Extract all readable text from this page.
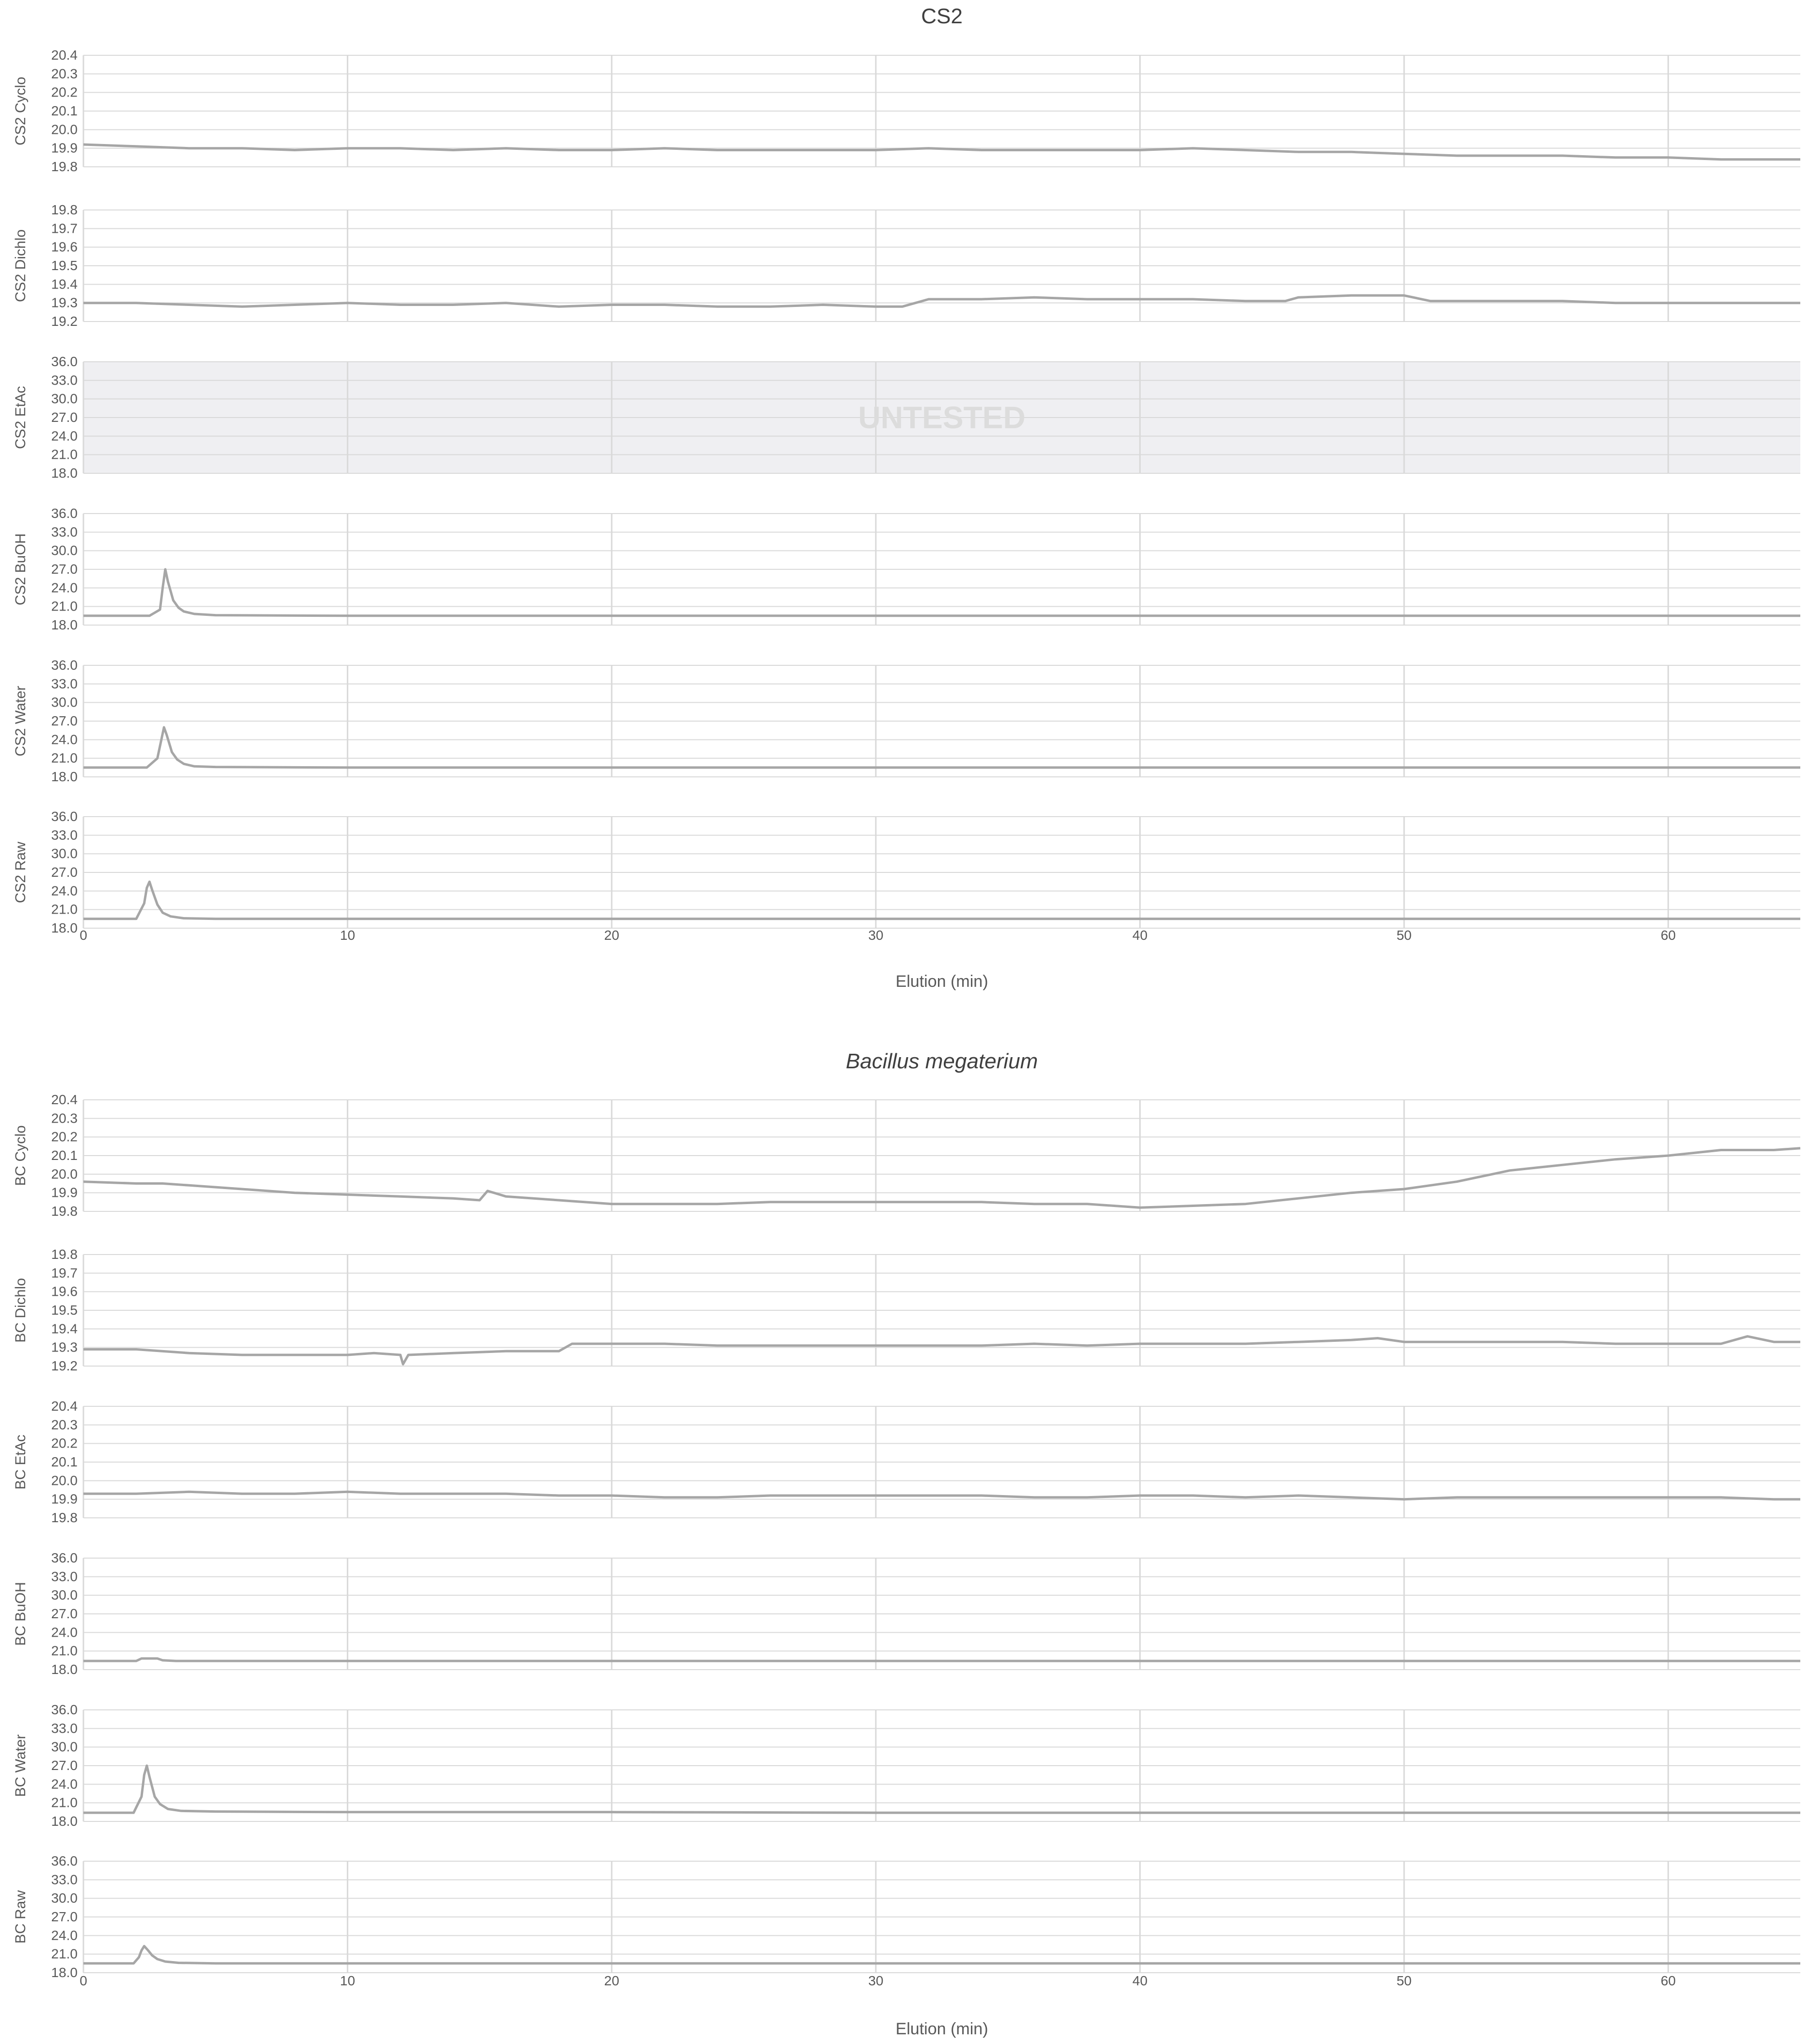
CS2
19.8
19.9
20.0
20.1
20.2
20.3
20.4
CS2 Cyclo
19.2
19.3
19.4
19.5
19.6
19.7
19.8
CS2 Dichlo
18.0
21.0
24.0
27.0
30.0
33.0
36.0
CS2 EtAc	UNTESTED
18.0
21.0
24.0
27.0
30.0
33.0
36.0
CS2 BuOH
18.0
21.0
24.0
27.0
30.0
33.0
36.0
CS2 Water
18.0
21.0
24.0
27.0
30.0
33.0
36.0
CS2 Raw
0	10	20	30	40	50	60
Elution (min)
Bacillus megaterium
19.8
19.9
20.0
20.1
20.2
20.3
20.4
BC Cyclo
19.2
19.3
19.4
19.5
19.6
19.7
19.8
BC Dichlo
19.8
19.9
20.0
20.1
20.2
20.3
20.4
BC EtAc
18.0
21.0
24.0
27.0
30.0
33.0
36.0
BC BuOH
18.0
21.0
24.0
27.0
30.0
33.0
36.0
BC Water
18.0
21.0
24.0
27.0
30.0
33.0
36.0
BC Raw
0	10	20	30	40	50	60
Elution (min)
